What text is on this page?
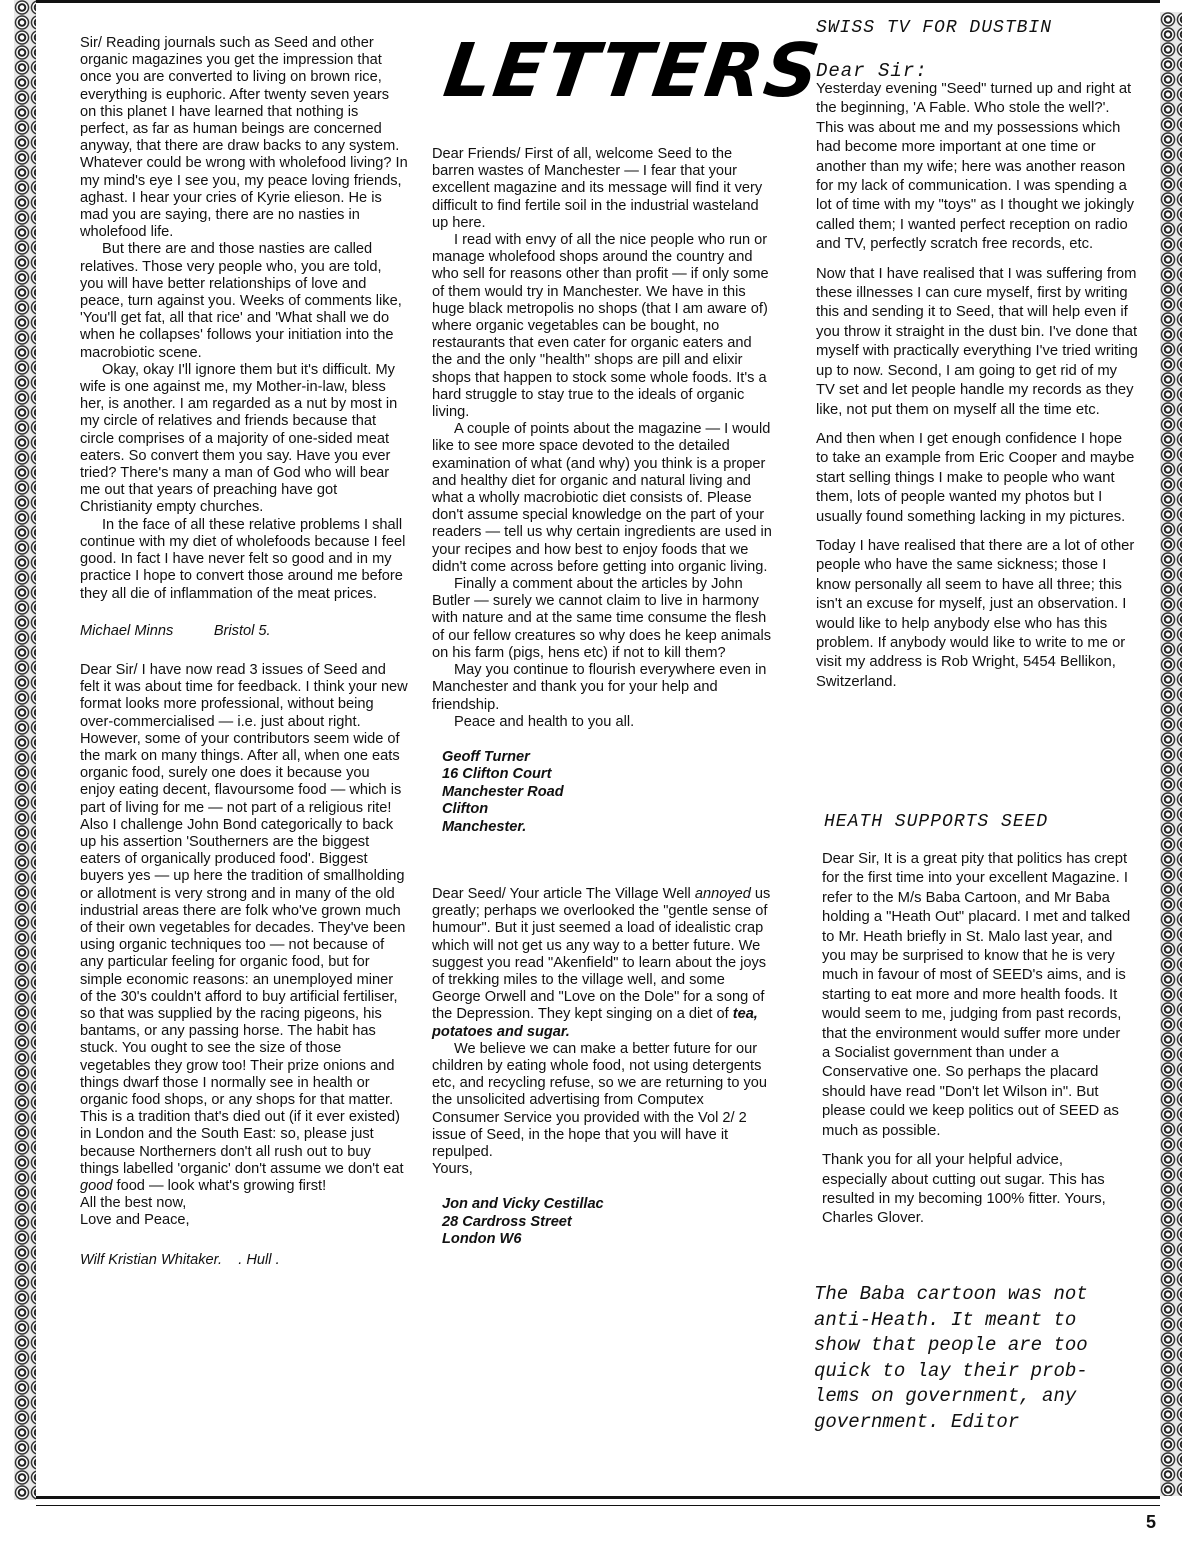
LETTERS

Sir/ Reading journals such as Seed and other organic magazines you get the impression that once you are converted to living on brown rice, everything is euphoric. After twenty seven years on this planet I have learned that nothing is perfect, as far as human beings are concerned anyway, that there are draw backs to any system. Whatever could be wrong with wholefood living? In my mind's eye I see you, my peace loving friends, aghast. I hear your cries of Kyrie elieson. He is mad you are saying, there are no nasties in wholefood life.

But there are and those nasties are called relatives. Those very people who, you are told, you will have better relationships of love and peace, turn against you. Weeks of comments like, 'You'll get fat, all that rice' and 'What shall we do when he collapses' follows your initiation into the macrobiotic scene.

Okay, okay I'll ignore them but it's difficult. My wife is one against me, my Mother-in-law, bless her, is another. I am regarded as a nut by most in my circle of relatives and friends because that circle comprises of a majority of one-sided meat eaters. So convert them you say. Have you ever tried? There's many a man of God who will bear me out that years of preaching have got Christianity empty churches.

In the face of all these relative problems I shall continue with my diet of wholefoods because I feel good. In fact I have never felt so good and in my practice I hope to convert those around me before they all die of inflammation of the meat prices.

Michael Minns          Bristol 5.

Dear Sir/ I have now read 3 issues of Seed and felt it was about time for feedback. I think your new format looks more professional, without being over-commercialised — i.e. just about right. However, some of your contributors seem wide of the mark on many things. After all, when one eats organic food, surely one does it because you enjoy eating decent, flavoursome food — which is part of living for me — not part of a religious rite! Also I challenge John Bond categorically to back up his assertion 'Southerners are the biggest eaters of organically produced food'. Biggest buyers yes — up here the tradition of smallholding or allotment is very strong and in many of the old industrial areas there are folk who've grown much of their own vegetables for decades. They've been using organic techniques too — not because of any particular feeling for organic food, but for simple economic reasons: an unemployed miner of the 30's couldn't afford to buy artificial fertiliser, so that was supplied by the racing pigeons, his bantams, or any passing horse. The habit has stuck. You ought to see the size of those vegetables they grow too! Their prize onions and things dwarf those I normally see in health or organic food shops, or any shops for that matter. This is a tradition that's died out (if it ever existed) in London and the South East: so, please just because Northerners don't all rush out to buy things labelled 'organic' don't assume we don't eat good food — look what's growing first!

All the best now,

Love and Peace,

Wilf Kristian Whitaker.    . Hull .

Dear Friends/ First of all, welcome Seed to the barren wastes of Manchester — I fear that your excellent magazine and its message will find it very difficult to find fertile soil in the industrial wasteland up here.

I read with envy of all the nice people who run or manage wholefood shops around the country and who sell for reasons other than profit — if only some of them would try in Manchester. We have in this huge black metropolis no shops (that I am aware of) where organic vegetables can be bought, no restaurants that even cater for organic eaters and the and the only "health" shops are pill and elixir shops that happen to stock some whole foods. It's a hard struggle to stay true to the ideals of organic living.

A couple of points about the magazine — I would like to see more space devoted to the detailed examination of what (and why) you think is a proper and healthy diet for organic and natural living and what a wholly macrobiotic diet consists of. Please don't assume special knowledge on the part of your readers — tell us why certain ingredients are used in your recipes and how best to enjoy foods that we didn't come across before getting into organic living.

Finally a comment about the articles by John Butler — surely we cannot claim to live in harmony with nature and at the same time consume the flesh of our fellow creatures so why does he keep animals on his farm (pigs, hens etc) if not to kill them?

May you continue to flourish everywhere even in Manchester and thank you for your help and friendship.

Peace and health to you all.

Geoff Turner
16 Clifton Court
Manchester Road
Clifton
Manchester.

Dear Seed/ Your article The Village Well annoyed us greatly; perhaps we overlooked the "gentle sense of humour". But it just seemed a load of idealistic crap which will not get us any way to a better future. We suggest you read "Akenfield" to learn about the joys of trekking miles to the village well, and some George Orwell and "Love on the Dole" for a song of the Depression. They kept singing on a diet of tea, potatoes and sugar.

We believe we can make a better future for our children by eating whole food, not using detergents etc, and recycling refuse, so we are returning to you the unsolicited advertising from Computex Consumer Service you provided with the Vol 2/ 2 issue of Seed, in the hope that you will have it repulped.

Yours,

Jon and Vicky Cestillac
28 Cardross Street
London W6

SWISS TV FOR DUSTBIN
Dear Sir:
HEATH SUPPORTS SEED

Yesterday evening "Seed" turned up and right at the beginning, 'A Fable. Who stole the well?'. This was about me and my possessions which had become more important at one time or another than my wife; here was another reason for my lack of communication. I was spending a lot of time with my "toys" as I thought we jokingly called them; I wanted perfect reception on radio and TV, perfectly scratch free records, etc.

Now that I have realised that I was suffering from these illnesses I can cure myself, first by writing this and sending it to Seed, that will help even if you throw it straight in the dust bin. I've done that myself with practically everything I've tried writing up to now. Second, I am going to get rid of my TV set and let people handle my records as they like, not put them on myself all the time etc.

And then when I get enough confidence I hope to take an example from Eric Cooper and maybe start selling things I make to people who want them, lots of people wanted my photos but I usually found something lacking in my pictures.

Today I have realised that there are a lot of other people who have the same sickness; those I know personally all seem to have all three; this isn't an excuse for myself, just an observation. I would like to help anybody else who has this problem. If anybody would like to write to me or visit my address is Rob Wright, 5454 Bellikon, Switzerland.

Dear Sir, It is a great pity that politics has crept for the first time into your excellent Magazine. I refer to the M/s Baba Cartoon, and Mr Baba holding a "Heath Out" placard. I met and talked to Mr. Heath briefly in St. Malo last year, and you may be surprised to know that he is very much in favour of most of SEED's aims, and is starting to eat more and more health foods. It would seem to me, judging from past records, that the environment would suffer more under a Socialist government than under a Conservative one. So perhaps the placard should have read "Don't let Wilson in". But please could we keep politics out of SEED as much as possible.

Thank you for all your helpful advice, especially about cutting out sugar. This has resulted in my becoming 100% fitter. Yours, Charles Glover.

The Baba cartoon was not
anti-Heath. It meant to
show that people are too
quick to lay their prob-
lems on government, any
government. Editor
5
